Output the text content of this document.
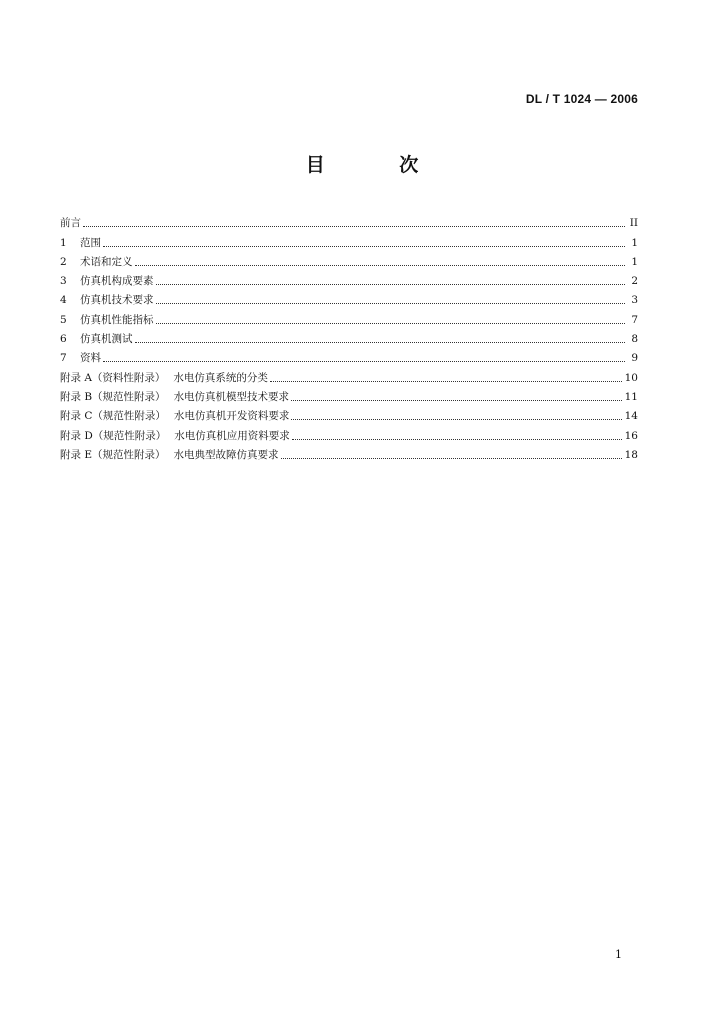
DL / T 1024 — 2006
目 次
前言	II
1	范围	1
2	术语和定义	1
3	仿真机构成要素	2
4	仿真机技术要求	3
5	仿真机性能指标	7
6	仿真机测试	8
7	资料	9
附录 A（资料性附录） 水电仿真系统的分类	10
附录 B（规范性附录） 水电仿真机模型技术要求	11
附录 C（规范性附录） 水电仿真机开发资料要求	14
附录 D（规范性附录） 水电仿真机应用资料要求	16
附录 E（规范性附录） 水电典型故障仿真要求	18
1
